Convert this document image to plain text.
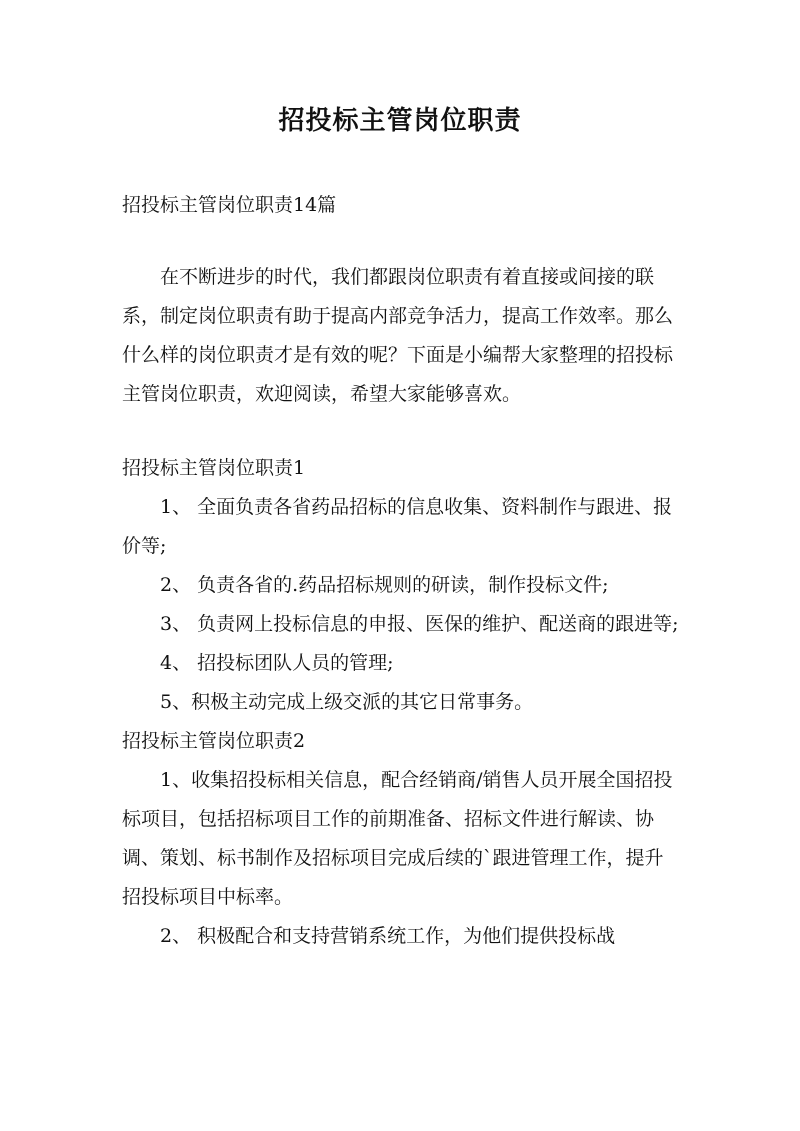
招投标主管岗位职责

招投标主管岗位职责14篇

在不断进步的时代，我们都跟岗位职责有着直接或间接的联系，制定岗位职责有助于提高内部竞争活力，提高工作效率。那么什么样的岗位职责才是有效的呢？下面是小编帮大家整理的招投标主管岗位职责，欢迎阅读，希望大家能够喜欢。

招投标主管岗位职责1

1、 全面负责各省药品招标的信息收集、资料制作与跟进、报价等;

2、 负责各省的.药品招标规则的研读，制作投标文件;

3、 负责网上投标信息的申报、医保的维护、配送商的跟进等;

4、 招投标团队人员的管理;

5、积极主动完成上级交派的其它日常事务。

招投标主管岗位职责2

1、收集招投标相关信息，配合经销商/销售人员开展全国招投标项目，包括招标项目工作的前期准备、招标文件进行解读、协调、策划、标书制作及招标项目完成后续的`跟进管理工作，提升招投标项目中标率。

2、 积极配合和支持营销系统工作，为他们提供投标战
